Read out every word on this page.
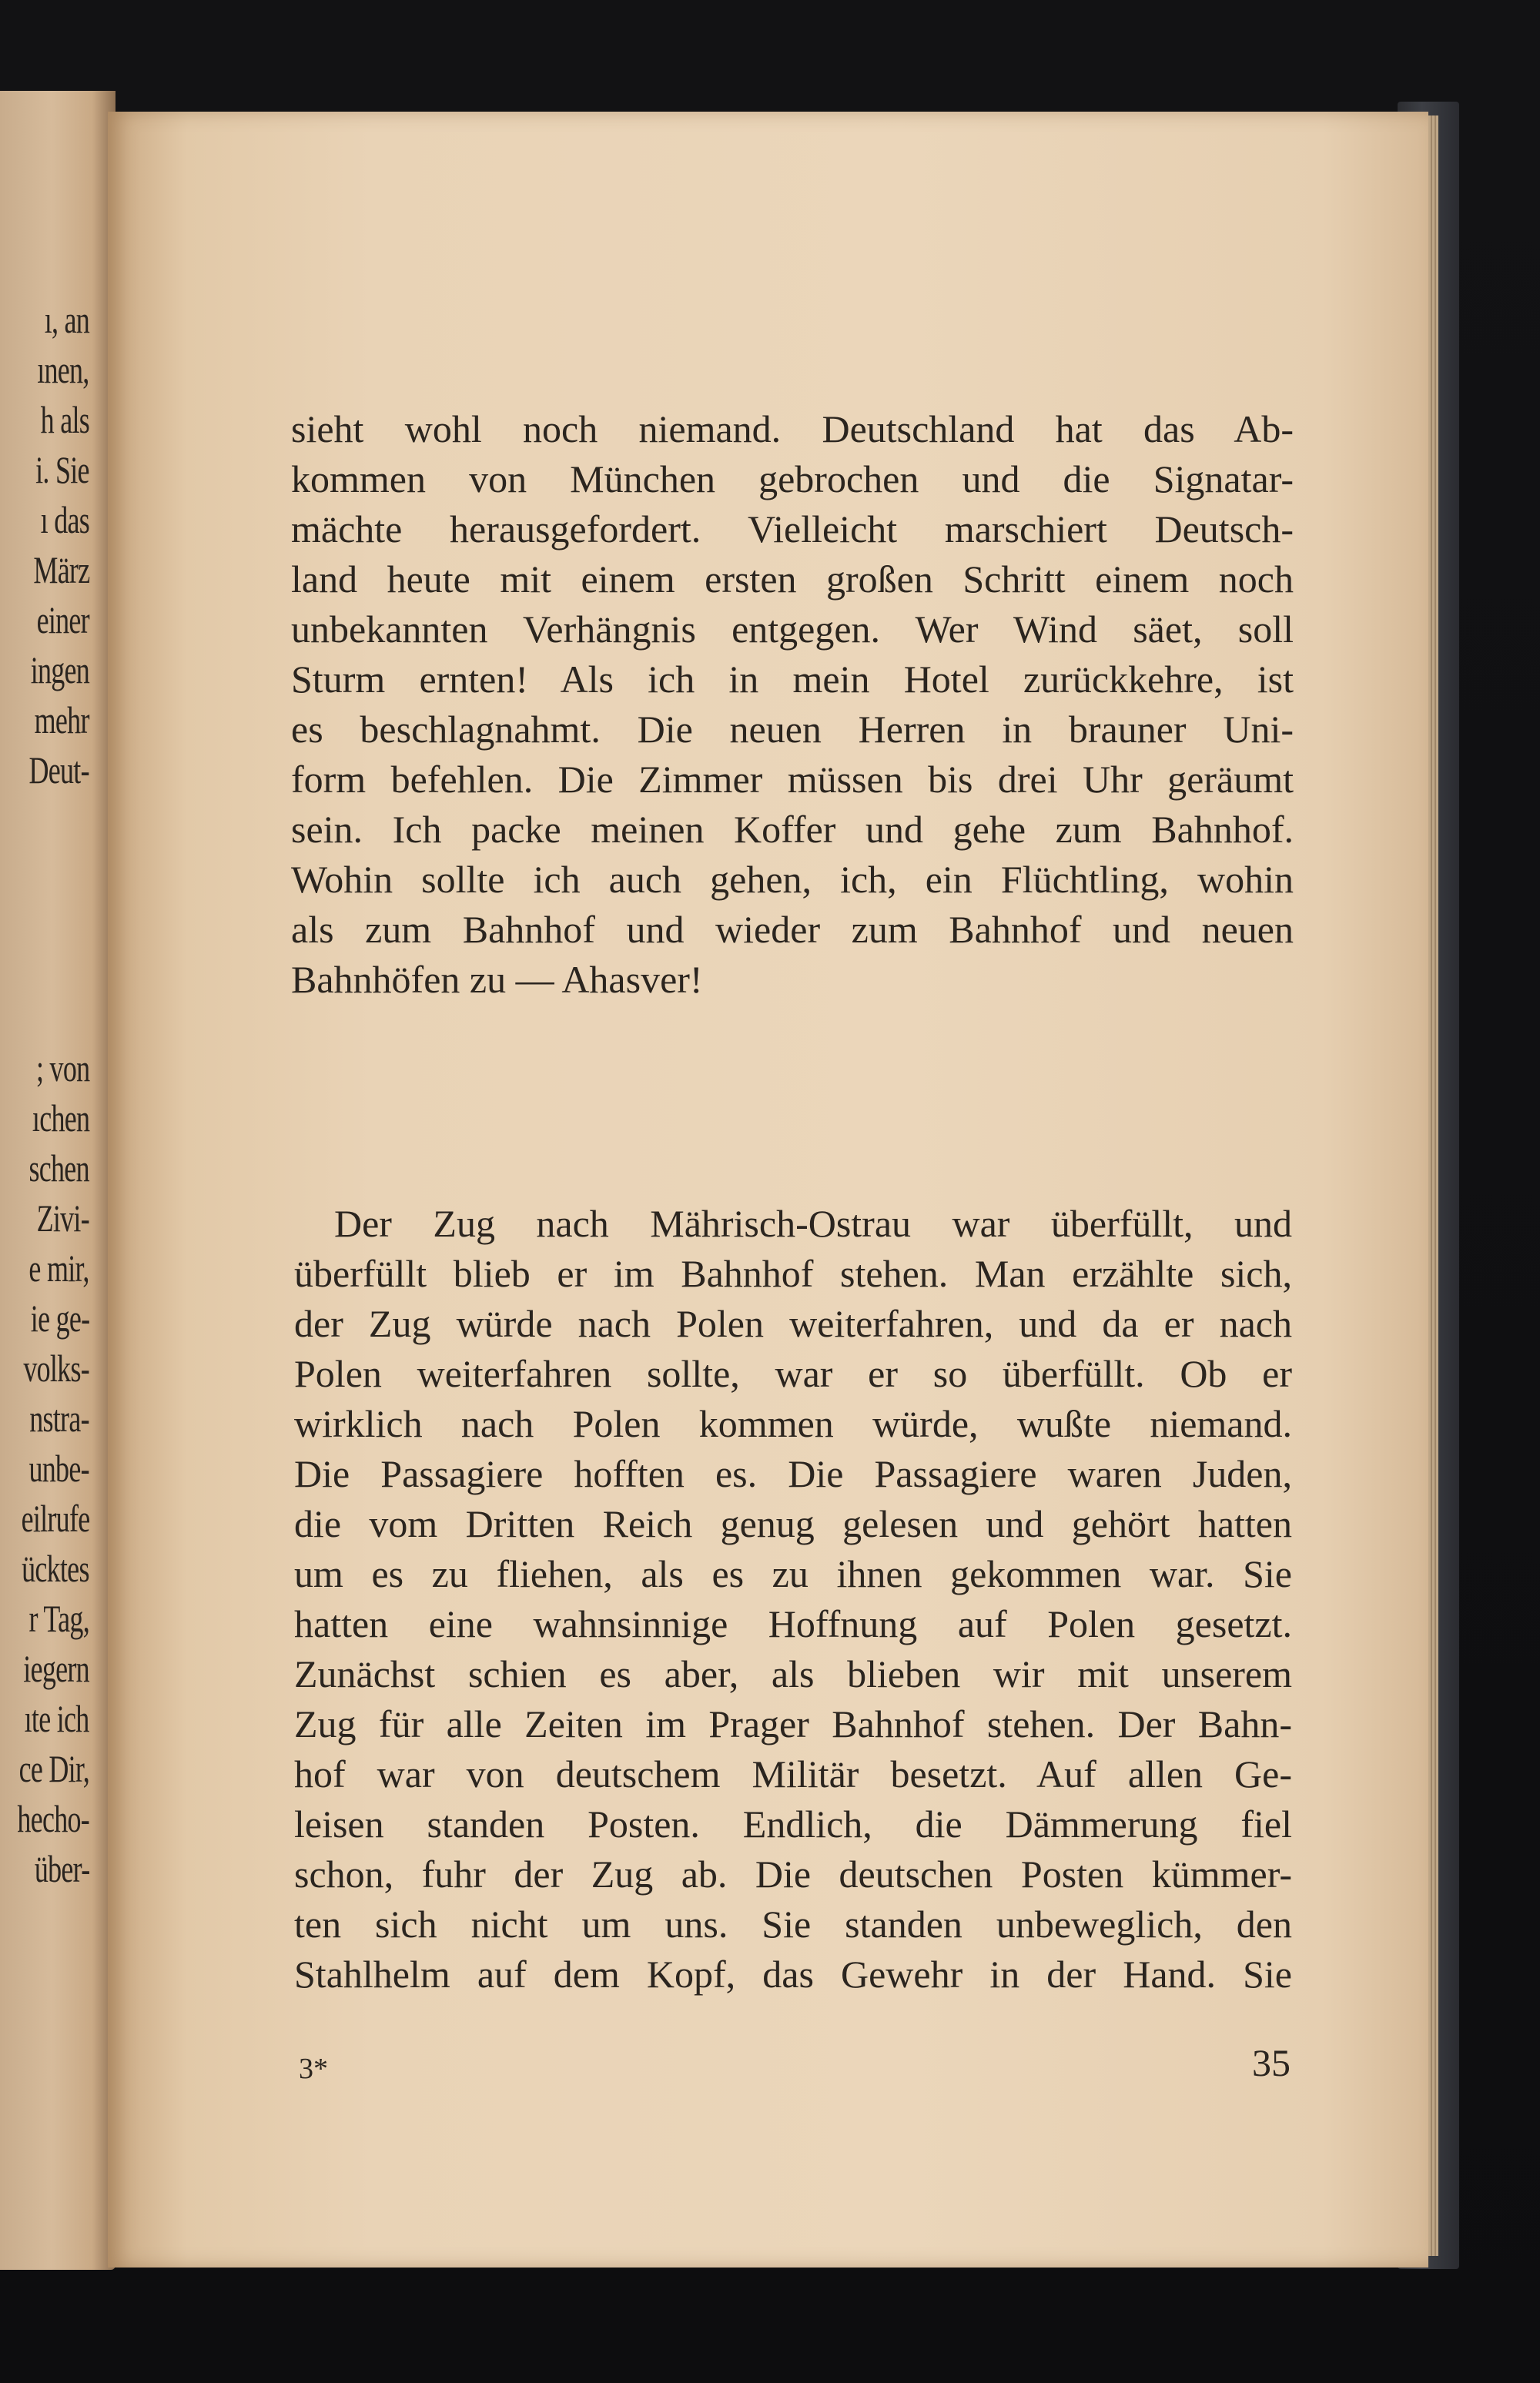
ı, an
ınen,
h als
i. Sie
ı das
März
einer
ingen
mehr
Deut-
; von
ıchen
schen
Zivi-
e mir,
ie ge-
volks-
nstra-
unbe-
eilrufe
ücktes
r Tag,
iegern
ıte ich
ce Dir,
hecho-
über-
sieht wohl noch niemand. Deutschland hat das Ab-
kommen von München gebrochen und die Signatar-
mächte herausgefordert. Vielleicht marschiert Deutsch-
land heute mit einem ersten großen Schritt einem noch
unbekannten Verhängnis entgegen. Wer Wind säet, soll
Sturm ernten! Als ich in mein Hotel zurückkehre, ist
es beschlagnahmt. Die neuen Herren in brauner Uni-
form befehlen. Die Zimmer müssen bis drei Uhr geräumt
sein. Ich packe meinen Koffer und gehe zum Bahnhof.
Wohin sollte ich auch gehen, ich, ein Flüchtling, wohin
als zum Bahnhof und wieder zum Bahnhof und neuen
Bahnhöfen zu — Ahasver!
Der Zug nach Mährisch-Ostrau war überfüllt, und
überfüllt blieb er im Bahnhof stehen. Man erzählte sich,
der Zug würde nach Polen weiterfahren, und da er nach
Polen weiterfahren sollte, war er so überfüllt. Ob er
wirklich nach Polen kommen würde, wußte niemand.
Die Passagiere hofften es. Die Passagiere waren Juden,
die vom Dritten Reich genug gelesen und gehört hatten
um es zu fliehen, als es zu ihnen gekommen war. Sie
hatten eine wahnsinnige Hoffnung auf Polen gesetzt.
Zunächst schien es aber, als blieben wir mit unserem
Zug für alle Zeiten im Prager Bahnhof stehen. Der Bahn-
hof war von deutschem Militär besetzt. Auf allen Ge-
leisen standen Posten. Endlich, die Dämmerung fiel
schon, fuhr der Zug ab. Die deutschen Posten kümmer-
ten sich nicht um uns. Sie standen unbeweglich, den
Stahlhelm auf dem Kopf, das Gewehr in der Hand. Sie
3*	35
